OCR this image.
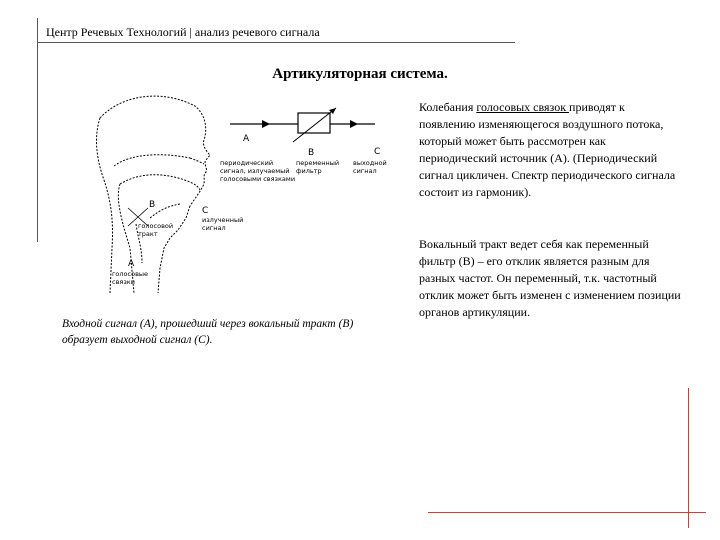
Центр Речевых Технологий | анализ речевого сигнала
Артикуляторная система.
A
B	C
периодический сигнал, излучаемый голосовыми связками
переменный фильтр
выходной сигнал
B
C
A
голосовой тракт
излученный сигнал
голосовые связки
Колебания голосовых связок приводят к появлению изменяющегося воздушного потока, который может быть рассмотрен как периодический источник (A). (Периодический сигнал цикличен. Спектр периодического сигнала состоит из гармоник).
Вокальный тракт ведет себя как переменный фильтр (B) – его отклик является разным для разных частот. Он переменный, т.к. частотный отклик может быть изменен с изменением позиции органов артикуляции.
Входной сигнал (А), прошедший через вокальный тракт (В) образует выходной сигнал (С).
